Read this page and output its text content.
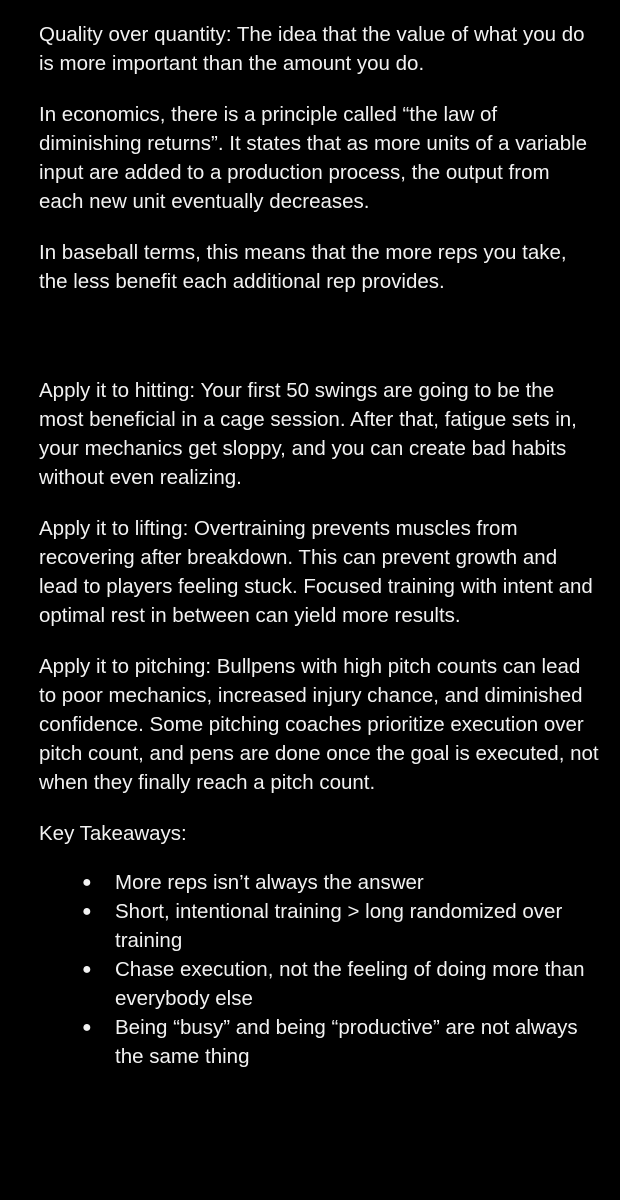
Quality over quantity: The idea that the value of what you do is more important than the amount you do.

In economics, there is a principle called “the law of diminishing returns”. It states that as more units of a variable input are added to a production process, the output from each new unit eventually decreases.

In baseball terms, this means that the more reps you take, the less benefit each additional rep provides.

Apply it to hitting: Your first 50 swings are going to be the most beneficial in a cage session. After that, fatigue sets in, your mechanics get sloppy, and you can create bad habits without even realizing.

Apply it to lifting: Overtraining prevents muscles from recovering after breakdown. This can prevent growth and lead to players feeling stuck. Focused training with intent and optimal rest in between can yield more results.

Apply it to pitching: Bullpens with high pitch counts can lead to poor mechanics, increased injury chance, and diminished confidence. Some pitching coaches prioritize execution over pitch count, and pens are done once the goal is executed, not when they finally reach a pitch count.

Key Takeaways:

● More reps isn’t always the answer
● Short, intentional training > long randomized over training
● Chase execution, not the feeling of doing more than everybody else
● Being “busy” and being “productive” are not always the same thing
